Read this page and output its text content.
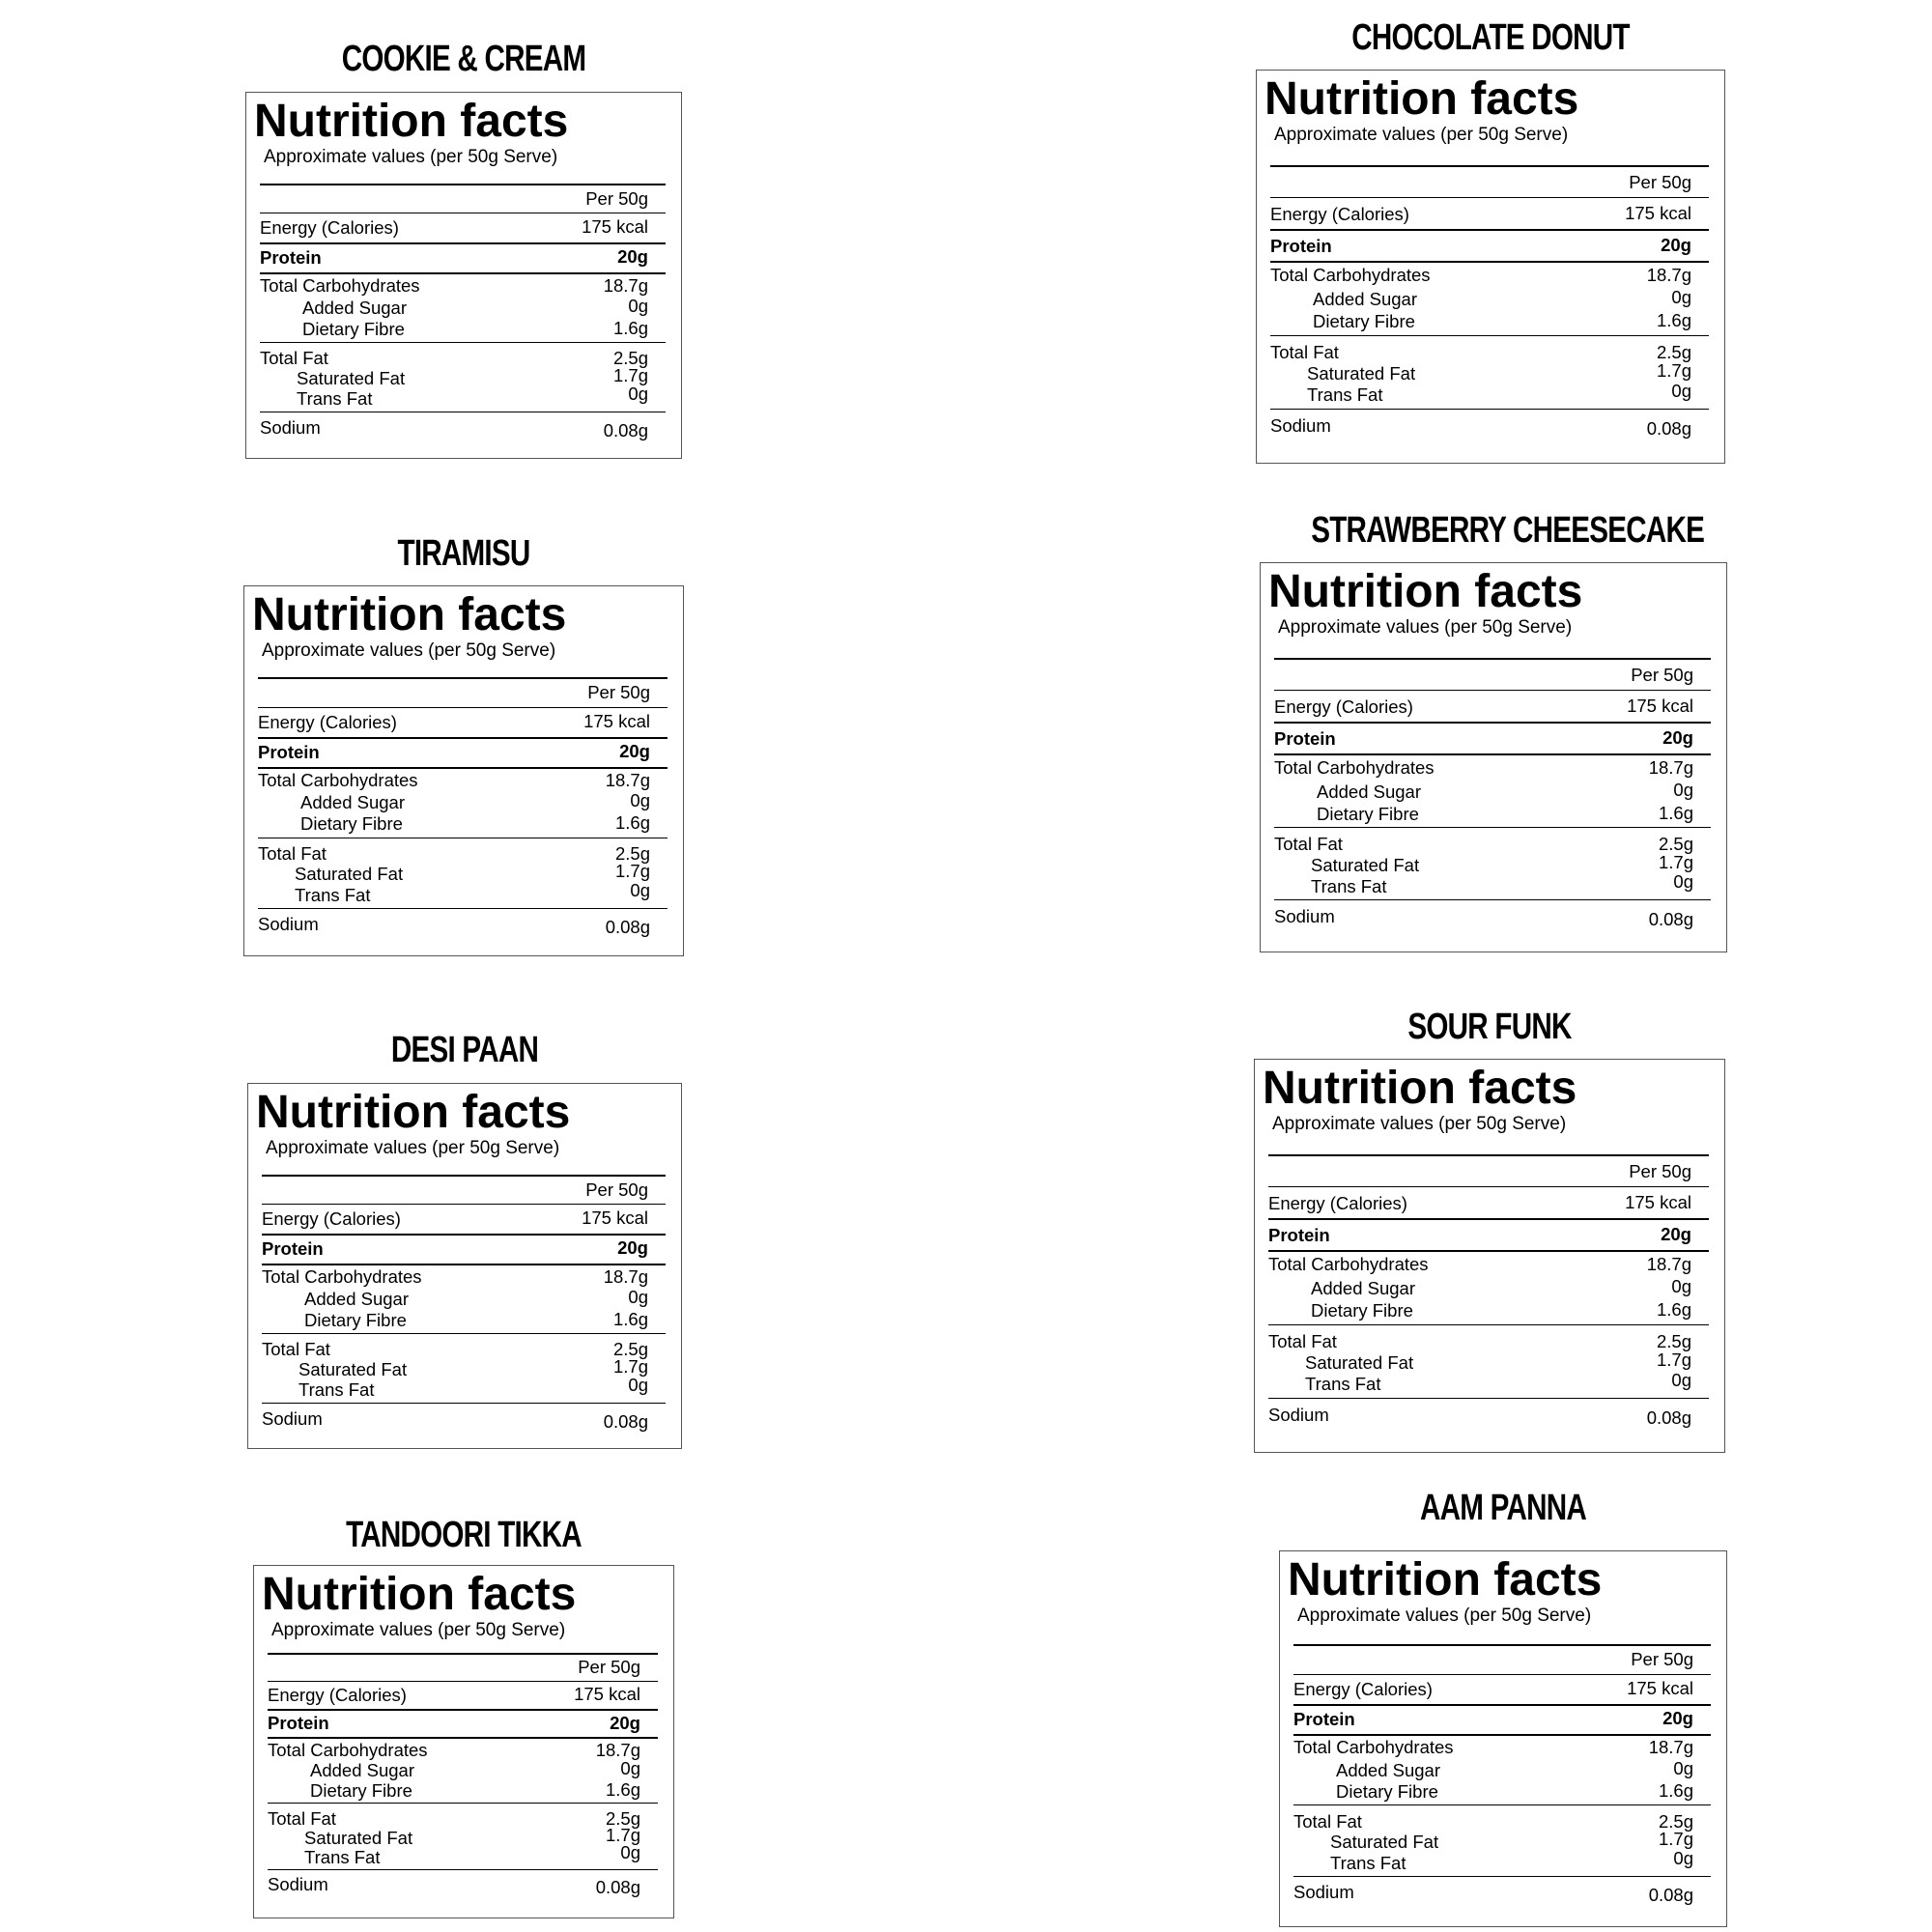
COOKIE & CREAM
Nutrition facts
Approximate values (per 50g Serve)
Per 50g
Energy (Calories)	175 kcal
Protein	20g
Total Carbohydrates	18.7g
Added Sugar	0g
Dietary Fibre	1.6g
Total Fat	2.5g
Saturated Fat	1.7g
Trans Fat	0g
Sodium	0.08g
CHOCOLATE DONUT
Nutrition facts
Approximate values (per 50g Serve)
Per 50g
Energy (Calories)	175 kcal
Protein	20g
Total Carbohydrates	18.7g
Added Sugar	0g
Dietary Fibre	1.6g
Total Fat	2.5g
Saturated Fat	1.7g
Trans Fat	0g
Sodium	0.08g
TIRAMISU
Nutrition facts
Approximate values (per 50g Serve)
Per 50g
Energy (Calories)	175 kcal
Protein	20g
Total Carbohydrates	18.7g
Added Sugar	0g
Dietary Fibre	1.6g
Total Fat	2.5g
Saturated Fat	1.7g
Trans Fat	0g
Sodium	0.08g
STRAWBERRY CHEESECAKE
Nutrition facts
Approximate values (per 50g Serve)
Per 50g
Energy (Calories)	175 kcal
Protein	20g
Total Carbohydrates	18.7g
Added Sugar	0g
Dietary Fibre	1.6g
Total Fat	2.5g
Saturated Fat	1.7g
Trans Fat	0g
Sodium	0.08g
DESI PAAN
Nutrition facts
Approximate values (per 50g Serve)
Per 50g
Energy (Calories)	175 kcal
Protein	20g
Total Carbohydrates	18.7g
Added Sugar	0g
Dietary Fibre	1.6g
Total Fat	2.5g
Saturated Fat	1.7g
Trans Fat	0g
Sodium	0.08g
SOUR FUNK
Nutrition facts
Approximate values (per 50g Serve)
Per 50g
Energy (Calories)	175 kcal
Protein	20g
Total Carbohydrates	18.7g
Added Sugar	0g
Dietary Fibre	1.6g
Total Fat	2.5g
Saturated Fat	1.7g
Trans Fat	0g
Sodium	0.08g
TANDOORI TIKKA
Nutrition facts
Approximate values (per 50g Serve)
Per 50g
Energy (Calories)	175 kcal
Protein	20g
Total Carbohydrates	18.7g
Added Sugar	0g
Dietary Fibre	1.6g
Total Fat	2.5g
Saturated Fat	1.7g
Trans Fat	0g
Sodium	0.08g
AAM PANNA
Nutrition facts
Approximate values (per 50g Serve)
Per 50g
Energy (Calories)	175 kcal
Protein	20g
Total Carbohydrates	18.7g
Added Sugar	0g
Dietary Fibre	1.6g
Total Fat	2.5g
Saturated Fat	1.7g
Trans Fat	0g
Sodium	0.08g
